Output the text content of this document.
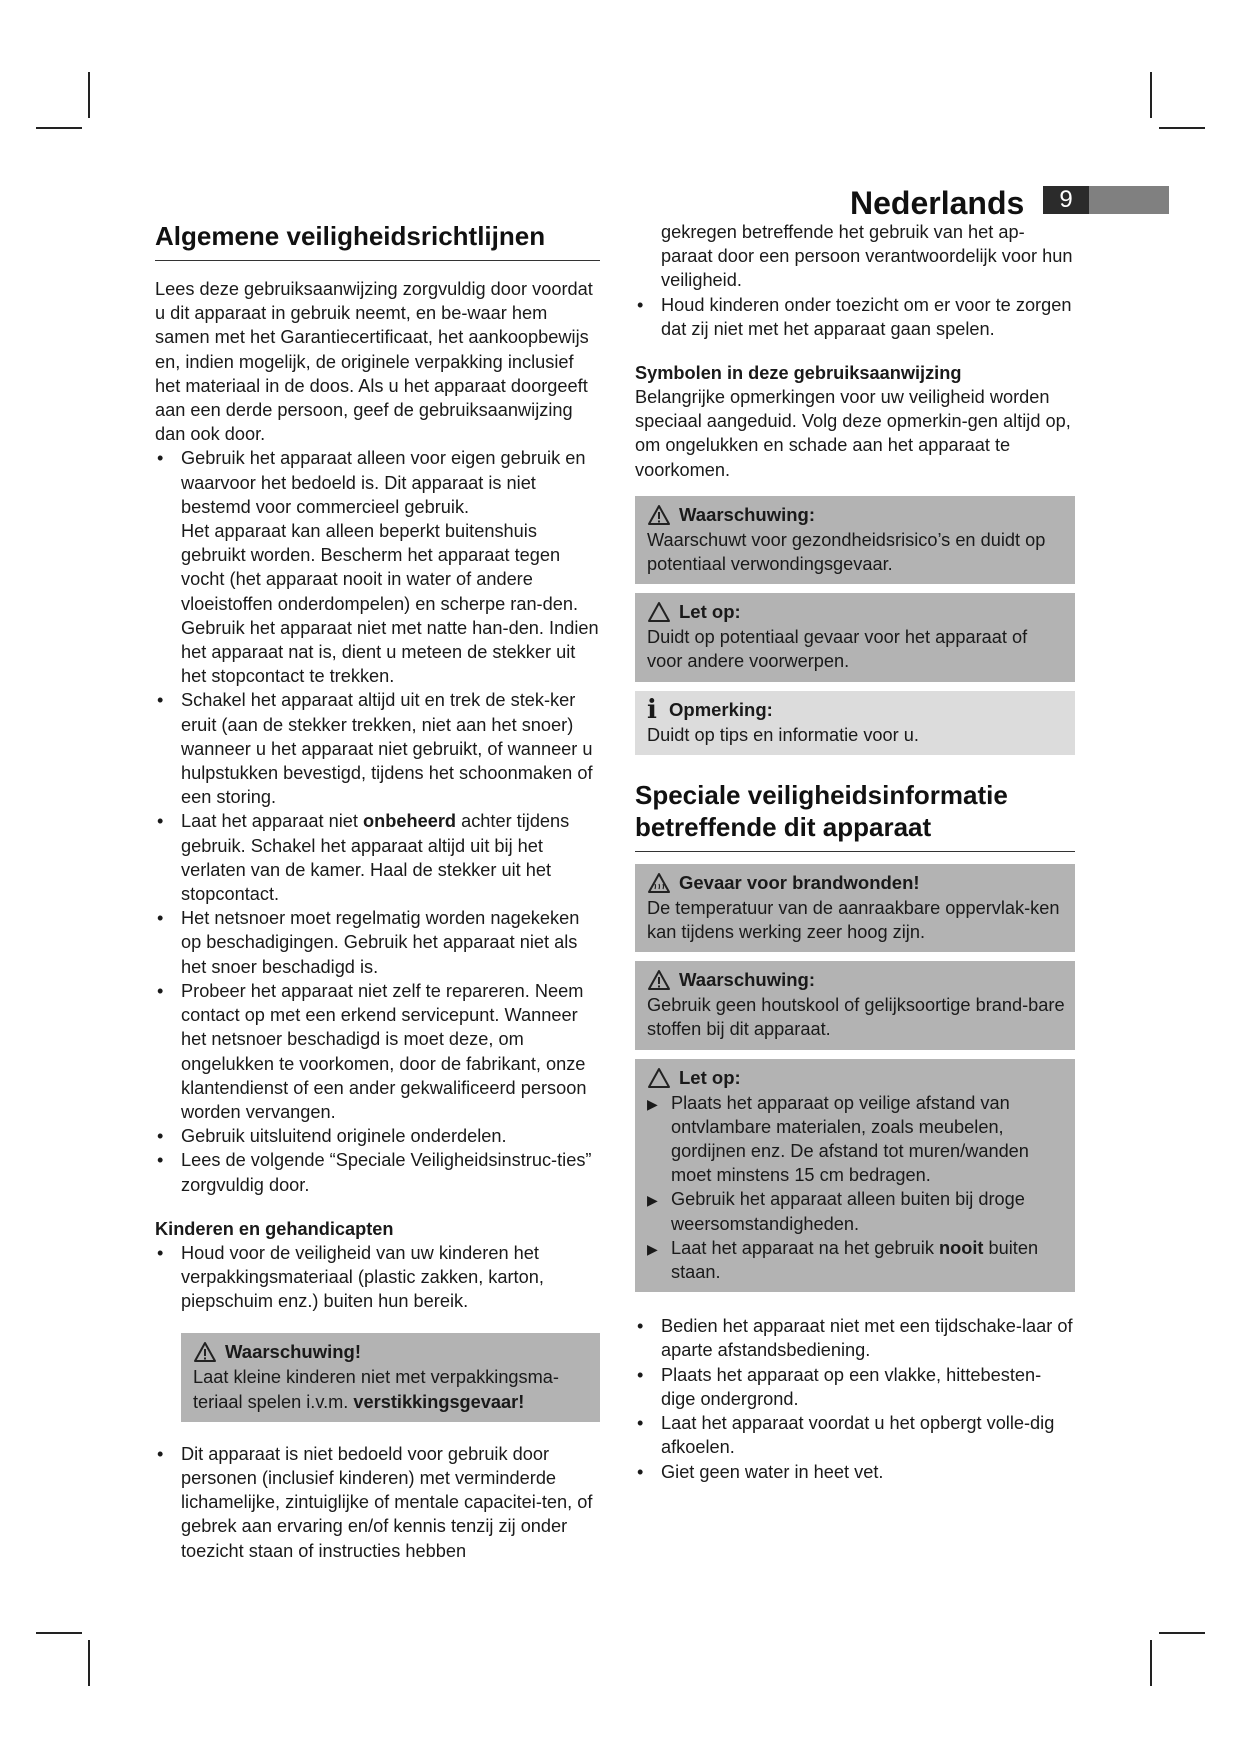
Nederlands	9
Algemene veiligheidsrichtlijnen

Lees deze gebruiksaanwijzing zorgvuldig door voordat u dit apparaat in gebruik neemt, en be-waar hem samen met het Garantiecertificaat, het aankoopbewijs en, indien mogelijk, de originele verpakking inclusief het materiaal in de doos. Als u het apparaat doorgeeft aan een derde persoon, geef de gebruiksaanwijzing dan ook door.

• Gebruik het apparaat alleen voor eigen gebruik en waarvoor het bedoeld is. Dit apparaat is niet bestemd voor commercieel gebruik.
Het apparaat kan alleen beperkt buitenshuis gebruikt worden. Bescherm het apparaat tegen vocht (het apparaat nooit in water of andere vloeistoffen onderdompelen) en scherpe ran-den. Gebruik het apparaat niet met natte han-den. Indien het apparaat nat is, dient u meteen de stekker uit het stopcontact te trekken.
• Schakel het apparaat altijd uit en trek de stek-ker eruit (aan de stekker trekken, niet aan het snoer) wanneer u het apparaat niet gebruikt, of wanneer u hulpstukken bevestigd, tijdens het schoonmaken of een storing.
• Laat het apparaat niet onbeheerd achter tijdens gebruik. Schakel het apparaat altijd uit bij het verlaten van de kamer. Haal de stekker uit het stopcontact.
• Het netsnoer moet regelmatig worden nagekeken op beschadigingen. Gebruik het apparaat niet als het snoer beschadigd is.
• Probeer het apparaat niet zelf te repareren. Neem contact op met een erkend servicepunt. Wanneer het netsnoer beschadigd is moet deze, om ongelukken te voorkomen, door de fabrikant, onze klantendienst of een ander gekwalificeerd persoon worden vervangen.
• Gebruik uitsluitend originele onderdelen.
• Lees de volgende “Speciale Veiligheidsinstruc-ties” zorgvuldig door.
Kinderen en gehandicapten
• Houd voor de veiligheid van uw kinderen het verpakkingsmateriaal (plastic zakken, karton, piepschuim enz.) buiten hun bereik.
Waarschuwing!

Laat kleine kinderen niet met verpakkingsma-teriaal spelen i.v.m. verstikkingsgevaar!

• Dit apparaat is niet bedoeld voor gebruik door personen (inclusief kinderen) met verminderde lichamelijke, zintuiglijke of mentale capacitei-ten, of gebrek aan ervaring en/of kennis tenzij zij onder toezicht staan of instructies hebben

gekregen betreffende het gebruik van het ap-paraat door een persoon verantwoordelijk voor hun veiligheid.

• Houd kinderen onder toezicht om er voor te zorgen dat zij niet met het apparaat gaan spelen.
Symbolen in deze gebruiksaanwijzing

Belangrijke opmerkingen voor uw veiligheid worden speciaal aangeduid. Volg deze opmerkin-gen altijd op, om ongelukken en schade aan het apparaat te voorkomen.

Waarschuwing:

Waarschuwt voor gezondheidsrisico’s en duidt op potentiaal verwondingsgevaar.

Let op:

Duidt op potentiaal gevaar voor het apparaat of voor andere voorwerpen.

i Opmerking:

Duidt op tips en informatie voor u.

Speciale veiligheidsinformatie betreffende dit apparaat
Gevaar voor brandwonden!

De temperatuur van de aanraakbare oppervlak-ken kan tijdens werking zeer hoog zijn.

Waarschuwing:

Gebruik geen houtskool of gelijksoortige brand-bare stoffen bij dit apparaat.

Let op:
▶ Plaats het apparaat op veilige afstand van ontvlambare materialen, zoals meubelen, gordijnen enz. De afstand tot muren/wanden moet minstens 15 cm bedragen.
▶ Gebruik het apparaat alleen buiten bij droge weersomstandigheden.
▶ Laat het apparaat na het gebruik nooit buiten staan.
• Bedien het apparaat niet met een tijdschake-laar of aparte afstandsbediening.
• Plaats het apparaat op een vlakke, hittebesten-dige ondergrond.
• Laat het apparaat voordat u het opbergt volle-dig afkoelen.
• Giet geen water in heet vet.
